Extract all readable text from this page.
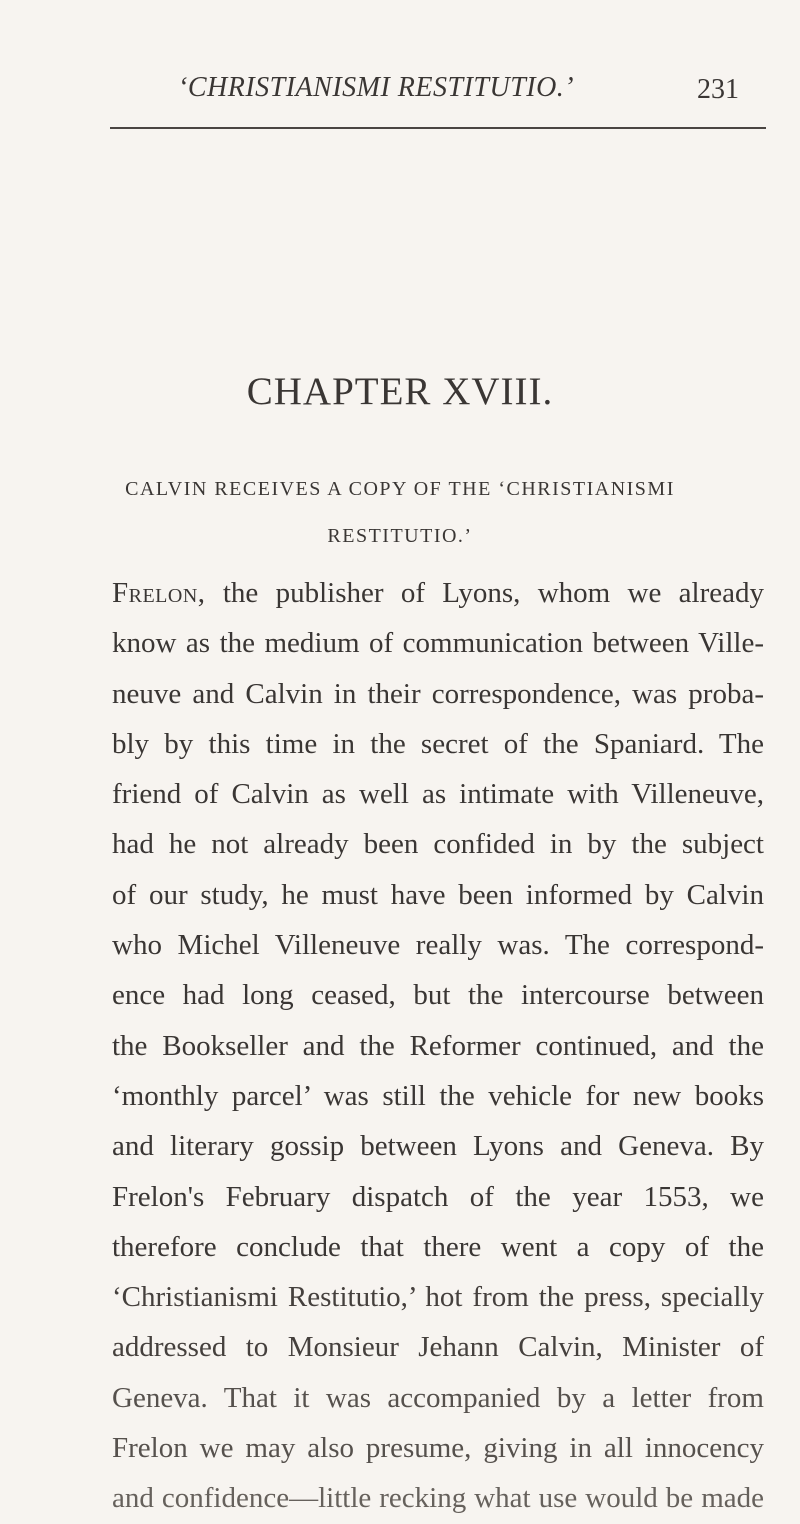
‘CHRISTIANISMI RESTITUTIO.’	231
CHAPTER XVIII.
CALVIN RECEIVES A COPY OF THE ‘CHRISTIANISMI
RESTITUTIO.’
Frelon, the publisher of Lyons, whom we already
know as the medium of communication between Ville-
neuve and Calvin in their correspondence, was proba-
bly by this time in the secret of the Spaniard. The
friend of Calvin as well as intimate with Villeneuve,
had he not already been confided in by the subject
of our study, he must have been informed by Calvin
who Michel Villeneuve really was. The correspond-
ence had long ceased, but the intercourse between
the Bookseller and the Reformer continued, and the
‘monthly parcel’ was still the vehicle for new books
and literary gossip between Lyons and Geneva. By
Frelon's February dispatch of the year 1553, we
therefore conclude that there went a copy of the
‘Christianismi Restitutio,’ hot from the press, specially
addressed to Monsieur Jehann Calvin, Minister of
Geneva. That it was accompanied by a letter from
Frelon we may also presume, giving in all innocency
and confidence—little recking what use would be made
